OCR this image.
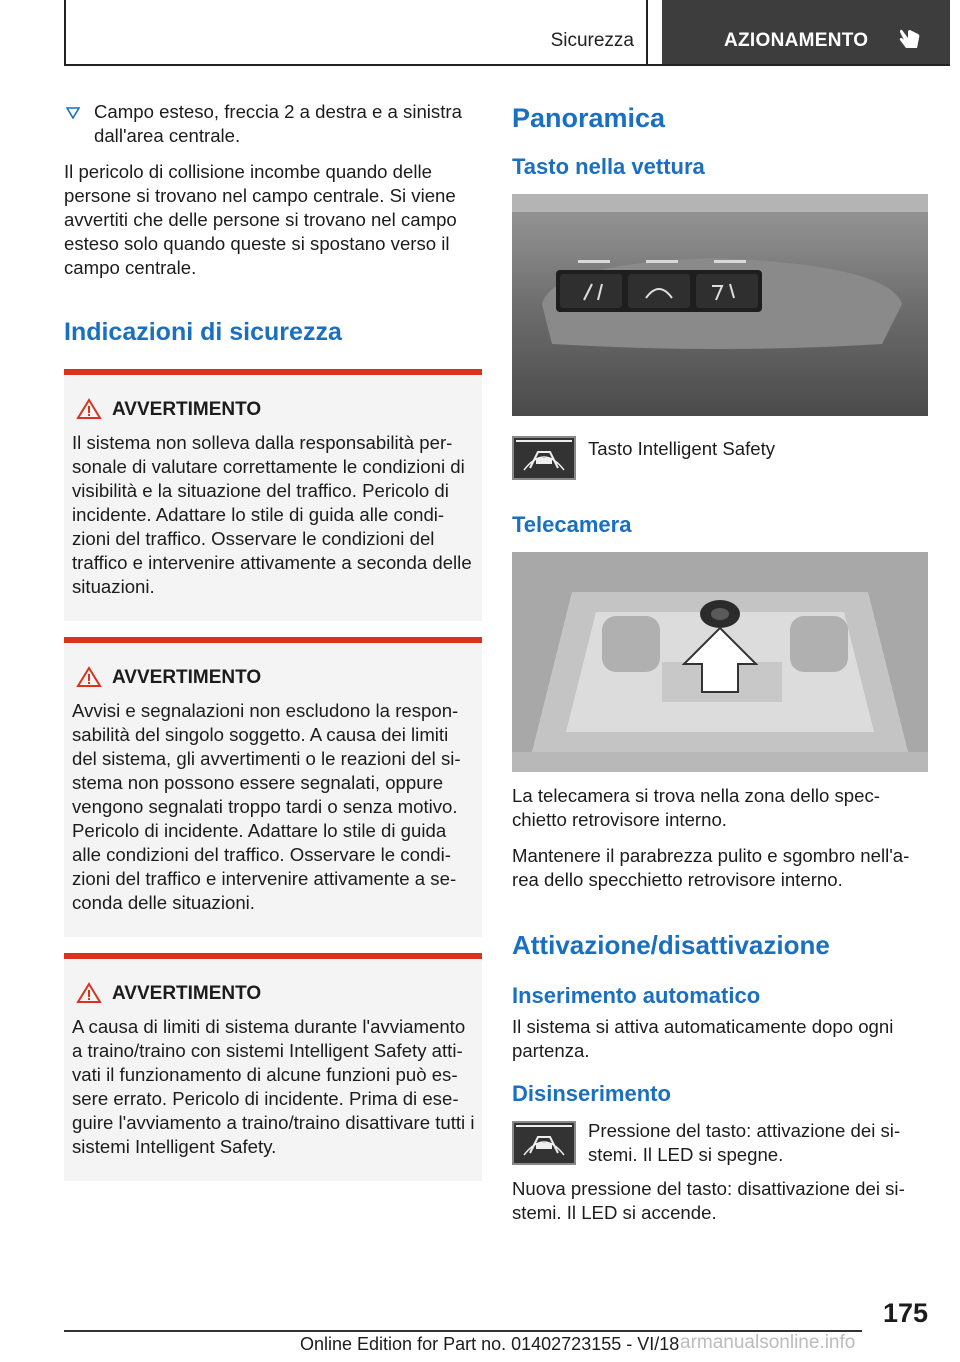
Sicurezza	AZIONAMENTO

Campo esteso, freccia 2 a destra e a sinistra dall'area centrale.

Il pericolo di collisione incombe quando delle persone si trovano nel campo centrale. Si viene avvertiti che delle persone si trovano nel campo esteso solo quando queste si spostano verso il campo centrale.

Indicazioni di sicurezza
AVVERTIMENTO

Il sistema non solleva dalla responsabilità personale di valutare correttamente le condizioni di visibilità e la situazione del traffico. Pericolo di incidente. Adattare lo stile di guida alle condizioni del traffico. Osservare le condizioni del traffico e intervenire attivamente a seconda delle situazioni.

AVVERTIMENTO

Avvisi e segnalazioni non escludono la responsabilità del singolo soggetto. A causa dei limiti del sistema, gli avvertimenti o le reazioni del sistema non possono essere segnalati, oppure vengono segnalati troppo tardi o senza motivo. Pericolo di incidente. Adattare lo stile di guida alle condizioni del traffico. Osservare le condizioni del traffico e intervenire attivamente a seconda delle situazioni.

AVVERTIMENTO

A causa di limiti di sistema durante l'avviamento a traino/traino con sistemi Intelligent Safety attivati il funzionamento di alcune funzioni può essere errato. Pericolo di incidente. Prima di eseguire l'avviamento a traino/traino disattivare tutti i sistemi Intelligent Safety.

Panoramica
Tasto nella vettura
Tasto Intelligent Safety
Telecamera

La telecamera si trova nella zona dello specchietto retrovisore interno.

Mantenere il parabrezza pulito e sgombro nell'area dello specchietto retrovisore interno.

Attivazione/disattivazione
Inserimento automatico

Il sistema si attiva automaticamente dopo ogni partenza.

Disinserimento

Pressione del tasto: attivazione dei sistemi. Il LED si spegne.

Nuova pressione del tasto: disattivazione dei sistemi. Il LED si accende.

175
Online Edition for Part no. 01402723155 - VI/18 armanualsonline.info
